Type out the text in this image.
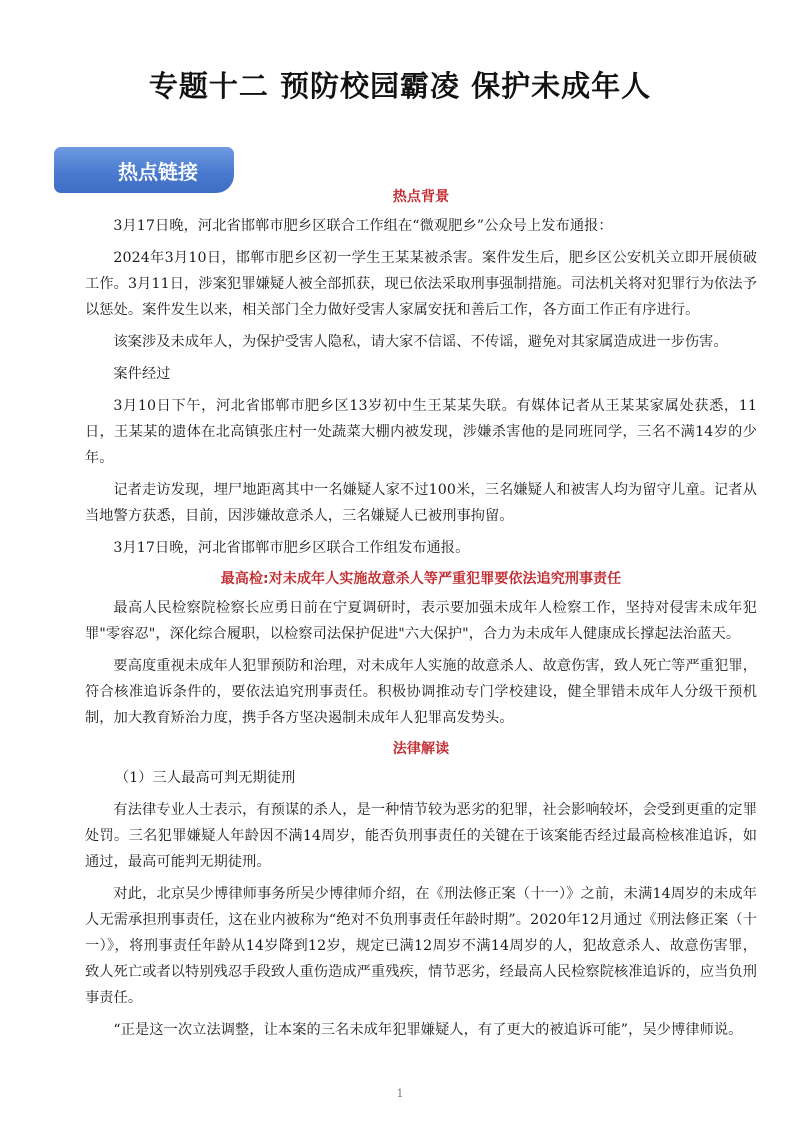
专题十二 预防校园霸凌 保护未成年人
热点链接
热点背景

3月17日晚，河北省邯郸市肥乡区联合工作组在“微观肥乡”公众号上发布通报：

2024年3月10日，邯郸市肥乡区初一学生王某某被杀害。案件发生后，肥乡区公安机关立即开展侦破工作。3月11日，涉案犯罪嫌疑人被全部抓获，现已依法采取刑事强制措施。司法机关将对犯罪行为依法予以惩处。案件发生以来，相关部门全力做好受害人家属安抚和善后工作，各方面工作正有序进行。

该案涉及未成年人，为保护受害人隐私，请大家不信谣、不传谣，避免对其家属造成进一步伤害。

案件经过

3月10日下午，河北省邯郸市肥乡区13岁初中生王某某失联。有媒体记者从王某某家属处获悉，11日，王某某的遗体在北高镇张庄村一处蔬菜大棚内被发现，涉嫌杀害他的是同班同学，三名不满14岁的少年。

记者走访发现，埋尸地距离其中一名嫌疑人家不过100米，三名嫌疑人和被害人均为留守儿童。记者从当地警方获悉，目前，因涉嫌故意杀人，三名嫌疑人已被刑事拘留。

3月17日晚，河北省邯郸市肥乡区联合工作组发布通报。

最高检:对未成年人实施故意杀人等严重犯罪要依法追究刑事责任

最高人民检察院检察长应勇日前在宁夏调研时，表示要加强未成年人检察工作，坚持对侵害未成年犯罪"零容忍"，深化综合履职，以检察司法保护促进"六大保护"，合力为未成年人健康成长撑起法治蓝天。

要高度重视未成年人犯罪预防和治理，对未成年人实施的故意杀人、故意伤害，致人死亡等严重犯罪，符合核准追诉条件的，要依法追究刑事责任。积极协调推动专门学校建设，健全罪错未成年人分级干预机制，加大教育矫治力度，携手各方坚决遏制未成年人犯罪高发势头。

法律解读

（1）三人最高可判无期徒刑

有法律专业人士表示，有预谋的杀人，是一种情节较为恶劣的犯罪，社会影响较坏，会受到更重的定罪处罚。三名犯罪嫌疑人年龄因不满14周岁，能否负刑事责任的关键在于该案能否经过最高检核准追诉，如通过，最高可能判无期徒刑。

对此，北京吴少博律师事务所吴少博律师介绍，在《刑法修正案（十一）》之前，未满14周岁的未成年人无需承担刑事责任，这在业内被称为“绝对不负刑事责任年龄时期”。2020年12月通过《刑法修正案（十一）》，将刑事责任年龄从14岁降到12岁，规定已满12周岁不满14周岁的人，犯故意杀人、故意伤害罪，致人死亡或者以特别残忍手段致人重伤造成严重残疾，情节恶劣，经最高人民检察院核准追诉的，应当负刑事责任。

“正是这一次立法调整，让本案的三名未成年犯罪嫌疑人，有了更大的被追诉可能”，吴少博律师说。

1
